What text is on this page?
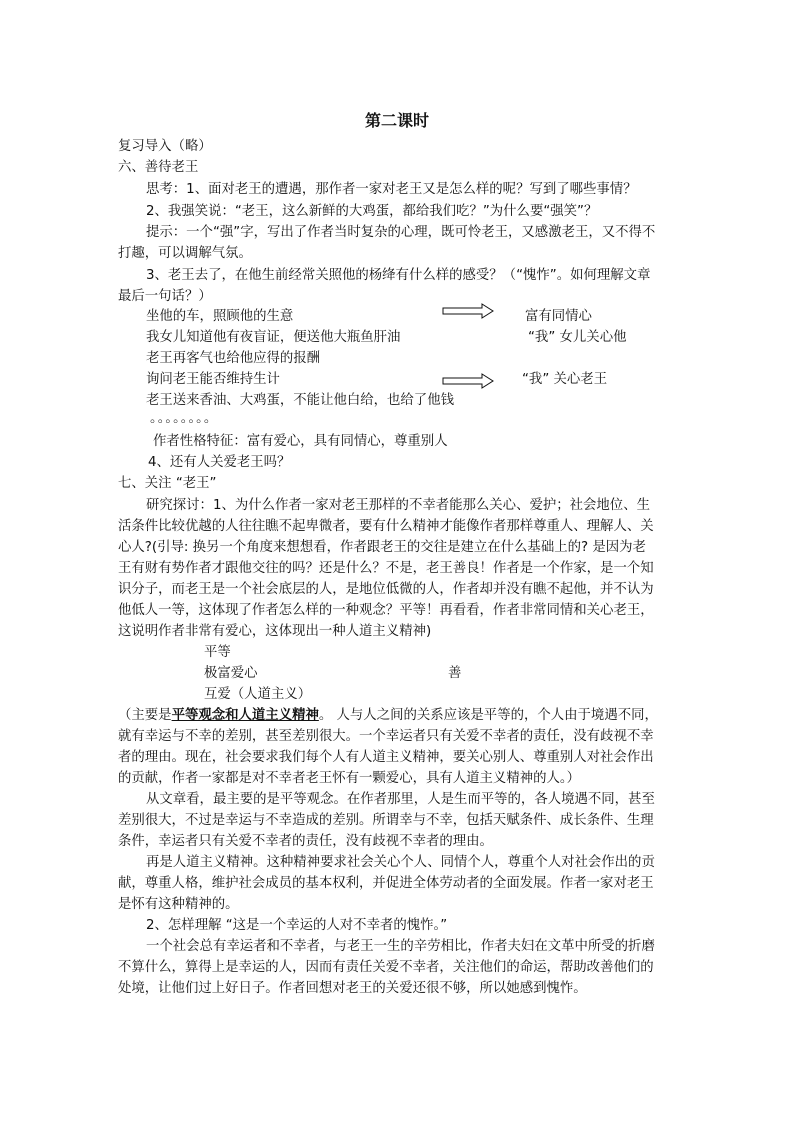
第二课时
复习导入（略）
六、善待老王
思考：1、面对老王的遭遇，那作者一家对老王又是怎么样的呢？写到了哪些事情？
2、我强笑说：“老王，这么新鲜的大鸡蛋，都给我们吃？”为什么要“强笑”？
提示：一个“强”字，写出了作者当时复杂的心理，既可怜老王，又感激老王，又不得不
打趣，可以调解气氛。
3、老王去了，在他生前经常关照他的杨绛有什么样的感受？（“愧怍”。如何理解文章
最后一句话？）
坐他的车，照顾他的生意	富有同情心
我女儿知道他有夜盲证，便送他大瓶鱼肝油	“我” 女儿关心他
老王再客气也给他应得的报酬
询问老王能否维持生计	“我” 关心老王
老王送来香油、大鸡蛋，不能让他白给，也给了他钱
。。。。。。。。
作者性格特征：富有爱心，具有同情心，尊重别人
4、还有人关爱老王吗？
七、关注 “老王”
研究探讨：1、为什么作者一家对老王那样的不幸者能那么关心、爱护；社会地位、生
活条件比较优越的人往往瞧不起卑微者，要有什么精神才能像作者那样尊重人、理解人、关
心人?(引导: 换另一个角度来想想看，作者跟老王的交往是建立在什么基础上的? 是因为老
王有财有势作者才跟他交往的吗？还是什么？不是，老王善良！作者是一个作家，是一个知
识分子，而老王是一个社会底层的人，是地位低微的人，作者却并没有瞧不起他，并不认为
他低人一等，这体现了作者怎么样的一种观念？平等！再看看，作者非常同情和关心老王，
这说明作者非常有爱心，这体现出一种人道主义精神)
平等
极富爱心	善
互爱（人道主义）
（主要是平等观念和人道主义精神。 人与人之间的关系应该是平等的，个人由于境遇不同，
就有幸运与不幸的差别，甚至差别很大。一个幸运者只有关爱不幸者的责任，没有歧视不幸
者的理由。现在，社会要求我们每个人有人道主义精神，要关心别人、尊重别人对社会作出
的贡献，作者一家都是对不幸者老王怀有一颗爱心，具有人道主义精神的人。）
从文章看，最主要的是平等观念。在作者那里，人是生而平等的，各人境遇不同，甚至
差别很大，不过是幸运与不幸造成的差别。所谓幸与不幸，包括天赋条件、成长条件、生理
条件，幸运者只有关爱不幸者的责任，没有歧视不幸者的理由。
再是人道主义精神。这种精神要求社会关心个人、同情个人，尊重个人对社会作出的贡
献，尊重人格，维护社会成员的基本权利，并促进全体劳动者的全面发展。作者一家对老王
是怀有这种精神的。
2、怎样理解 “这是一个幸运的人对不幸者的愧怍。”
一个社会总有幸运者和不幸者，与老王一生的辛劳相比，作者夫妇在文革中所受的折磨
不算什么，算得上是幸运的人，因而有责任关爱不幸者，关注他们的命运，帮助改善他们的
处境，让他们过上好日子。作者回想对老王的关爱还很不够，所以她感到愧怍。
